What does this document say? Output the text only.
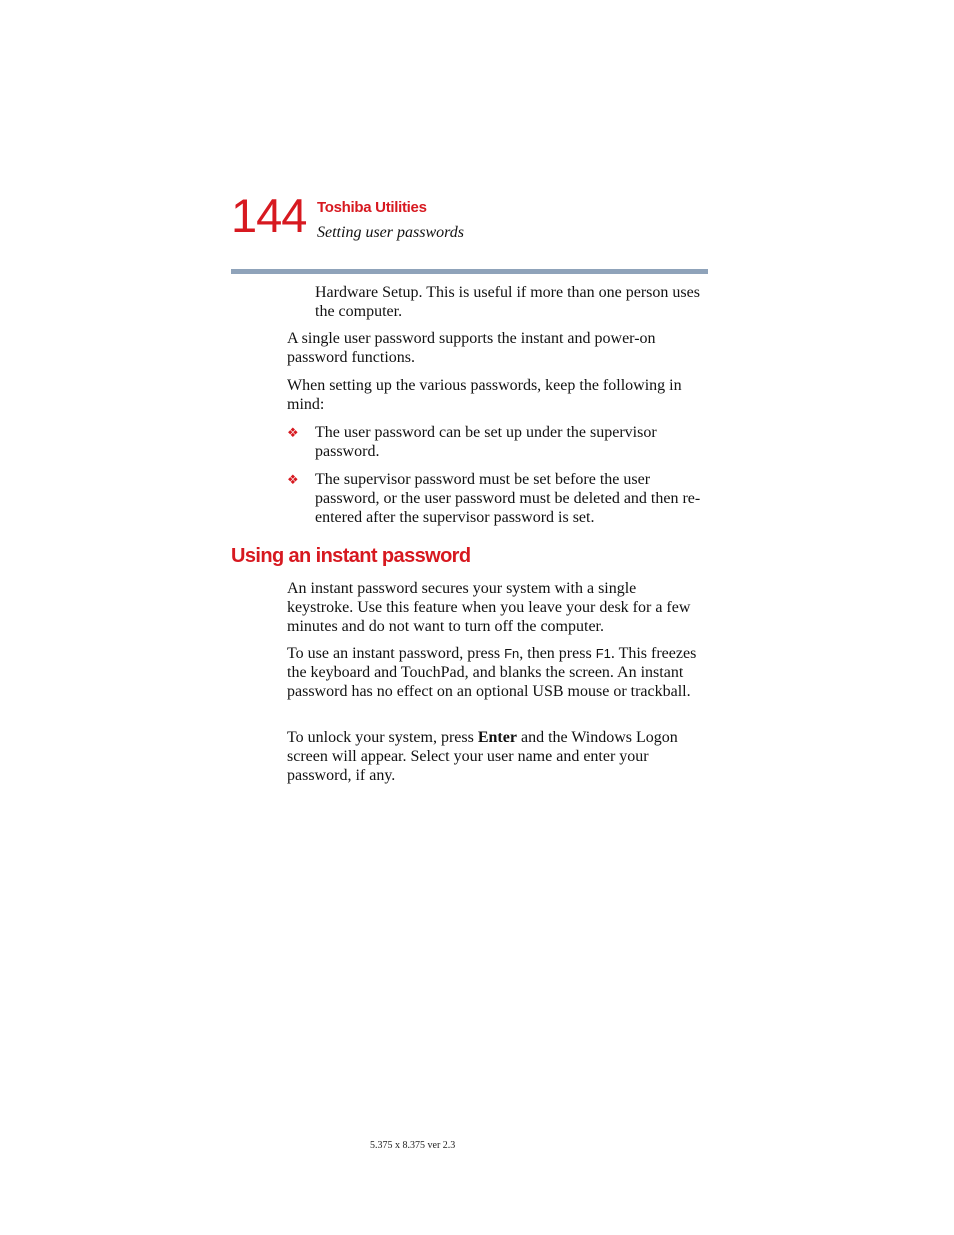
144 Toshiba Utilities
Setting user passwords

Hardware Setup. This is useful if more than one person uses the computer.

A single user password supports the instant and power-on password functions.

When setting up the various passwords, keep the following in mind:

❖ The user password can be set up under the supervisor password.

❖ The supervisor password must be set before the user password, or the user password must be deleted and then re-entered after the supervisor password is set.

Using an instant password

An instant password secures your system with a single keystroke. Use this feature when you leave your desk for a few minutes and do not want to turn off the computer.

To use an instant password, press Fn, then press F1. This freezes the keyboard and TouchPad, and blanks the screen. An instant password has no effect on an optional USB mouse or trackball.

To unlock your system, press Enter and the Windows Logon screen will appear. Select your user name and enter your password, if any.

5.375 x 8.375 ver 2.3
